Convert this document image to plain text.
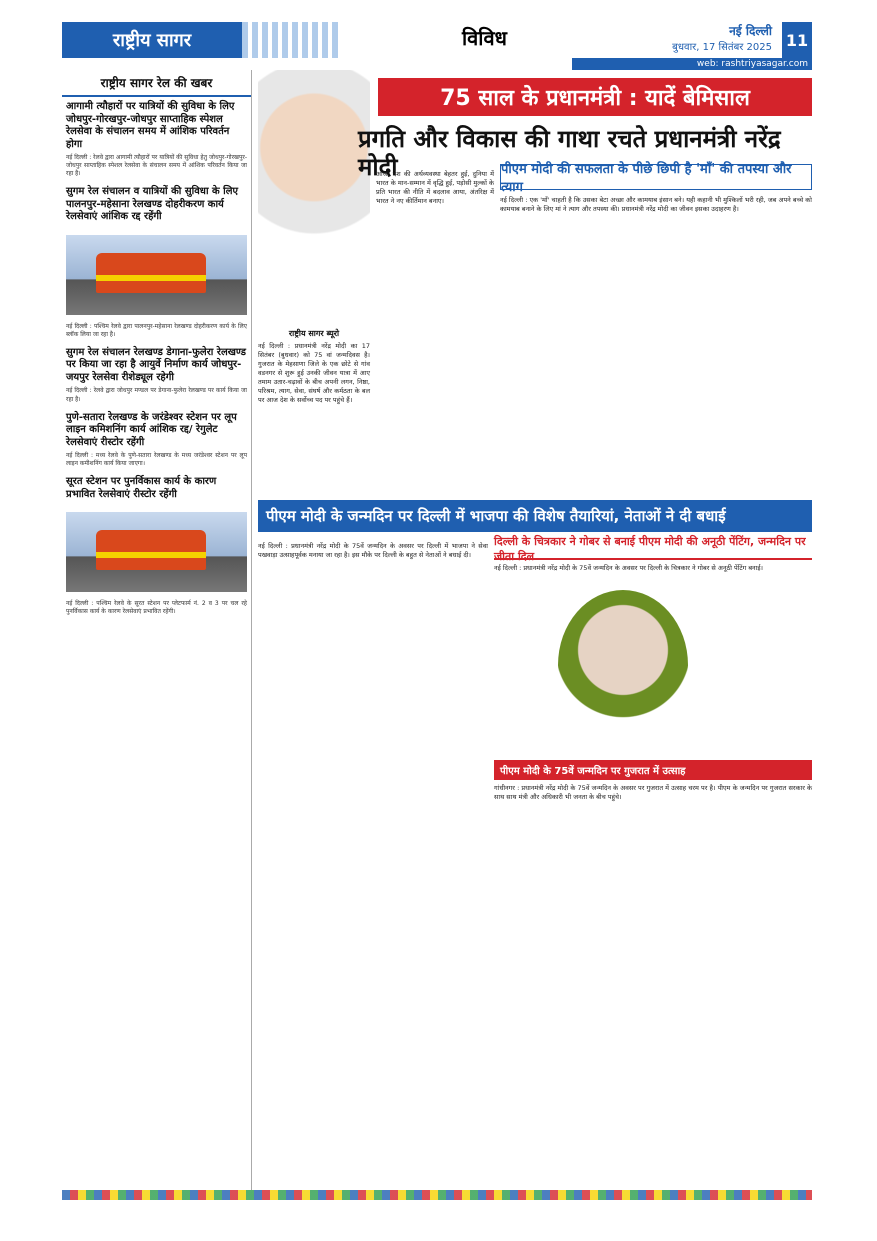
राष्ट्रीय सागर	विविध	नई दिल्ली
बुधवार, 17 सितंबर 2025 11
web: rashtriyasagar.com
राष्ट्रीय सागर रेल की खबर
आगामी त्यौहारों पर यात्रियों की सुविधा के लिए जोधपुर-गोरखपुर-जोधपुर साप्ताहिक स्पेशल रेलसेवा के संचालन समय में आंशिक परिवर्तन होगा

नई दिल्ली : रेलवे द्वारा आगामी त्यौहारों पर यात्रियों की सुविधा हेतु जोधपुर-गोरखपुर-जोधपुर साप्ताहिक स्पेशल रेलसेवा के संचालन समय में आंशिक परिवर्तन किया जा रहा है।

सुगम रेल संचालन व यात्रियों की सुविधा के लिए पालनपुर-महेसाना रेलखण्ड दोहरीकरण कार्य रेलसेवाएं आंशिक रद्द रहेंगी

नई दिल्ली : पश्चिम रेलवे द्वारा पालनपुर-महेसाना रेलखण्ड दोहरीकरण कार्य के लिए ब्लॉक लिया जा रहा है।

सुगम रेल संचालन रेलखण्ड डेगाना-फुलेरा रेलखण्ड पर किया जा रहा है आयुर्वे निर्माण कार्य जोधपुर-जयपुर रेलसेवा रीशेड्यूल रहेगी

नई दिल्ली : रेलवे द्वारा जोधपुर मण्डल पर डेगाना-फुलेरा रेलखण्ड पर कार्य किया जा रहा है।

पुणे-सतारा रेलखण्ड के जरंडेश्वर स्टेशन पर लूप लाइन कमिशनिंग कार्य आंशिक रद्द/ रेगुलेट रेलसेवाएं रीस्टोर रहेंगी

नई दिल्ली : मध्य रेलवे के पुणे-सतारा रेलखण्ड के मध्य जरंडेश्वर स्टेशन पर लूप लाइन कमीशनिंग कार्य किया जाएगा।

सूरत स्टेशन पर पुनर्विकास कार्य के कारण प्रभावित रेलसेवाएं रीस्टोर रहेंगी

नई दिल्ली : पश्चिम रेलवे के सूरत स्टेशन पर प्लेटफार्म नं. 2 व 3 पर चल रहे पुनर्विकास कार्य के कारण रेलसेवाएं प्रभावित रहेंगी।

राष्ट्रीय सागर ब्यूरो
75 साल के प्रधानमंत्री : यादें बेमिसाल
प्रगति और विकास की गाथा रचते प्रधानमंत्री नरेंद्र मोदी	पीएम मोदी की सफलता के पीछे छिपी है 'माँ' की तपस्या और त्याग
नई दिल्ली : प्रधानमंत्री नरेंद्र मोदी का 17 सितंबर (बुधवार) को 75 वां जन्मदिवस है। गुजरात के मेहसाणा जिले के एक छोटे से गांव वडनगर से शुरू हुई उनकी जीवन यात्रा में आए तमाम उतार-चढ़ावों के बीच अपनी लगन, निष्ठा, परिश्रम, त्याग, सेवा, संघर्ष और कर्मठता के बल पर आज देश के सर्वोच्च पद पर पहुंचे हैं।
आज, देश की अर्थव्यवस्था बेहतर हुई, दुनिया में भारत के मान-सम्मान में वृद्धि हुई, पड़ोसी मुल्कों के प्रति भारत की नीति में बदलाव आया, अंतरिक्ष में भारत ने नए कीर्तिमान बनाए।	नई दिल्ली : एक 'माँ' चाहती है कि उसका बेटा अच्छा और कामयाब इंसान बने। यही कहानी भी मुश्किलों भरी रही, जब अपने बच्चे को कामयाब बनाने के लिए मां ने त्याग और तपस्या की। प्रधानमंत्री नरेंद्र मोदी का जीवन इसका उदाहरण है।
पीएम मोदी के जन्मदिन पर दिल्ली में भाजपा की विशेष तैयारियां, नेताओं ने दी बधाई
नई दिल्ली : प्रधानमंत्री नरेंद्र मोदी के 75वें जन्मदिन के अवसर पर दिल्ली में भाजपा ने सेवा पखवाड़ा उत्साहपूर्वक मनाया जा रहा है। इस मौके पर दिल्ली के बहुत से नेताओं ने बधाई दी।
दिल्ली के चित्रकार ने गोबर से बनाई पीएम मोदी की अनूठी पेंटिंग, जन्मदिन पर जीता दिल
नई दिल्ली : प्रधानमंत्री नरेंद्र मोदी के 75वें जन्मदिन के अवसर पर दिल्ली के चित्रकार ने गोबर से अनूठी पेंटिंग बनाई।
पीएम मोदी के 75वें जन्मदिन पर गुजरात में उत्साह
गांधीनगर : प्रधानमंत्री नरेंद्र मोदी के 75वें जन्मदिन के अवसर पर गुजरात में उत्साह चरम पर है। पीएम के जन्मदिन पर गुजरात सरकार के साथ साथ मंत्री और अधिकारी भी जनता के बीच पहुंचे।
